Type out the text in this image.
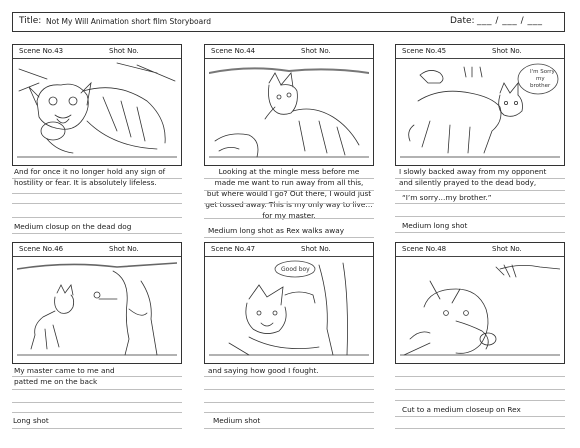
Title: Not My Will Animation short film Storyboard	Date: ___ / ___ / ___
Scene No.43	Shot No.	Scene No.44	Shot No.	Scene No.45	Shot No.
I'm Sorry
my
brother
Scene No.46	Shot No.	Scene No.47	Shot No.
Good boy
Scene No.48	Shot No.
And for once it no longer hold any sign of
hostility or fear. It is absolutely lifeless.
Medium closup on the dead dog
Looking at the mingle mess before me
made me want to run away from all this,
but where would I go? Out there, I would just
get tossed away. This is my only way to live…
for my master.
Medium long shot as Rex walks away
I slowly backed away from my opponent
and silently prayed to the dead body,
“I’m sorry…my brother.”
Medium long shot
My master came to me and
patted me on the back
Long shot
and saying how good I fought.
Medium shot
Cut to a medium closeup on Rex
